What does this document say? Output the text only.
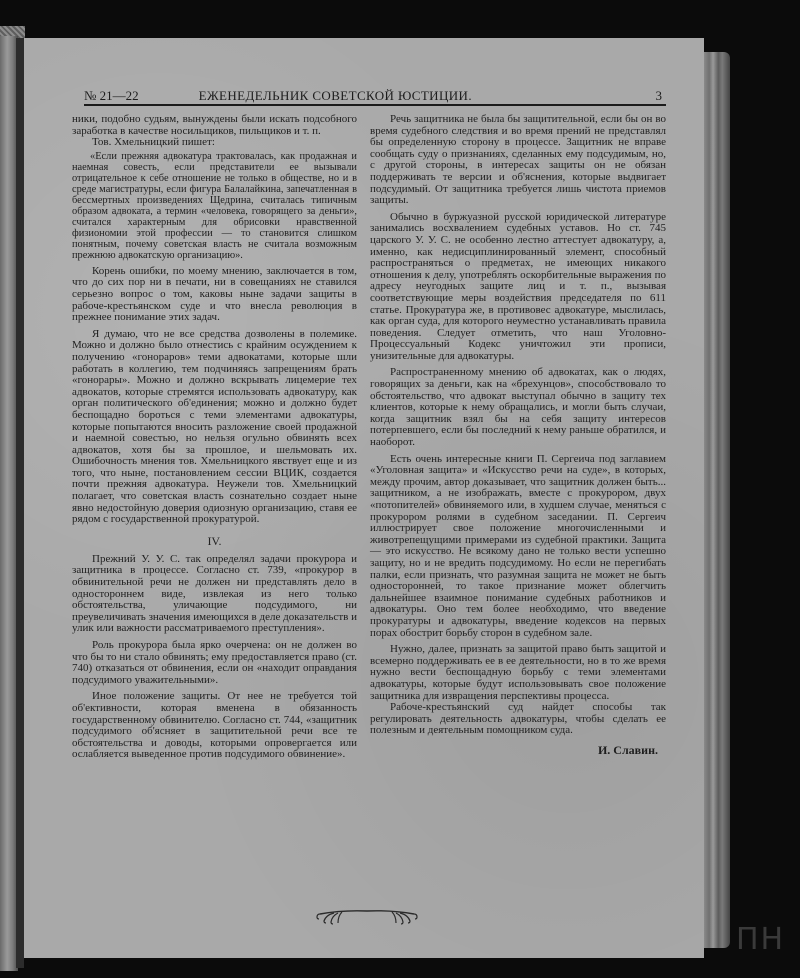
ΠΗ
№ 21—22	ЕЖЕНЕДЕЛЬНИК СОВЕТСКОЙ ЮСТИЦИИ.	3

ники, подобно судьям, вынуждены были искать подсобного заработка в качестве носильщиков, пильщиков и т. п.

Тов. Хмельницкий пишет:

«Если прежняя адвокатура трактовалась, как продажная и наемная совесть, если представители ее вызывали отрицательное к себе отношение не только в обществе, но и в среде магистратуры, если фигура Балалайкина, запечатленная в бессмертных произведениях Щедрина, считалась типичным образом адвоката, а термин «человека, говорящего за деньги», считался характерным для обрисовки нравственной физиономии этой профессии — то становится слишком понятным, почему советская власть не считала возможным прежнюю адвокатскую организацию».

Корень ошибки, по моему мнению, заключается в том, что до сих пор ни в печати, ни в совещаниях не ставился серьезно вопрос о том, каковы ныне задачи защиты в рабоче-крестьянском суде и что внесла революция в прежнее понимание этих задач.

Я думаю, что не все средства дозволены в полемике. Можно и должно было отнестись с крайним осуждением к получению «гонораров» теми адвокатами, которые шли работать в коллегию, тем подчиняясь запрещениям брать «гонорары». Можно и должно вскрывать лицемерие тех адвокатов, которые стремятся использовать адвокатуру, как орган политического об'единения; можно и должно будет беспощадно бороться с теми элементами адвокатуры, которые попытаются вносить разложение своей продажной и наемной совестью, но нельзя огульно обвинять всех адвокатов, хотя бы за прошлое, и шельмовать их. Ошибочность мнения тов. Хмельницкого явствует еще и из того, что ныне, постановлением сессии ВЦИК, создается почти прежняя адвокатура. Неужели тов. Хмельницкий полагает, что советская власть сознательно создает ныне явно недостойную доверия одиозную организацию, ставя ее рядом с государственной прокуратурой.

IV.

Прежний У. У. С. так определял задачи прокурора и защитника в процессе. Согласно ст. 739, «прокурор в обвинительной речи не должен ни представлять дело в одностороннем виде, извлекая из него только обстоятельства, уличающие подсудимого, ни преувеличивать значения имеющихся в деле доказательств и улик или важности рассматриваемого преступления».

Роль прокурора была ярко очерчена: он не должен во что бы то ни стало обвинять; ему предоставляется право (ст. 740) отказаться от обвинения, если он «находит оправдания подсудимого уважительными».

Иное положение защиты. От нее не требуется той об'ективности, которая вменена в обязанность государственному обвинителю. Согласно ст. 744, «защитник подсудимого об'ясняет в защитительной речи все те обстоятельства и доводы, которыми опровергается или ослабляется выведенное против подсудимого обвинение».

Речь защитника не была бы защитительной, если бы он во время судебного следствия и во время прений не представлял бы определенную сторону в процессе. Защитник не вправе сообщать суду о признаниях, сделанных ему подсудимым, но, с другой стороны, в интересах защиты он не обязан поддерживать те версии и об'яснения, которые выдвигает подсудимый. От защитника требуется лишь чистота приемов защиты.

Обычно в буржуазной русской юридической литературе занимались восхвалением судебных уставов. Но ст. 745 царского У. У. С. не особенно лестно аттестует адвокатуру, а, именно, как недисциплинированный элемент, способный распространяться о предметах, не имеющих никакого отношения к делу, употреблять оскорбительные выражения по адресу неугодных защите лиц и т. п., вызывая соответствующие меры воздействия председателя по 611 статье. Прокуратура же, в противовес адвокатуре, мыслилась, как орган суда, для которого неуместно устанавливать правила поведения. Следует отметить, что наш Уголовно-Процессуальный Кодекс уничтожил эти прописи, унизительные для адвокатуры.

Распространенному мнению об адвокатах, как о людях, говорящих за деньги, как на «брехунцов», способствовало то обстоятельство, что адвокат выступал обычно в защиту тех клиентов, которые к нему обращались, и могли быть случаи, когда защитник взял бы на себя защиту интересов потерпевшего, если бы последний к нему раньше обратился, и наоборот.

Есть очень интересные книги П. Сергеича под заглавием «Уголовная защита» и «Искусство речи на суде», в которых, между прочим, автор доказывает, что защитник должен быть... защитником, а не изображать, вместе с прокурором, двух «потопителей» обвиняемого или, в худшем случае, меняться с прокурором ролями в судебном заседании. П. Сергеич иллюстрирует свое положение многочисленными и животрепещущими примерами из судебной практики. Защита — это искусство. Не всякому дано не только вести успешно защиту, но и не вредить подсудимому. Но если не перегибать палки, если признать, что разумная защита не может не быть односторонней, то такое признание может облегчить дальнейшее взаимное понимание судебных работников и адвокатуры. Оно тем более необходимо, что введение прокуратуры и адвокатуры, введение кодексов на первых порах обострит борьбу сторон в судебном зале.

Нужно, далее, признать за защитой право быть защитой и всемерно поддерживать ее в ее деятельности, но в то же время нужно вести беспощадную борьбу с теми элементами адвокатуры, которые будут использовывать свое положение защитника для извращения перспективы процесса.

Рабоче-крестьянский суд найдет способы так регулировать деятельность адвокатуры, чтобы сделать ее полезным и деятельным помощником суда.

И. Славин.
